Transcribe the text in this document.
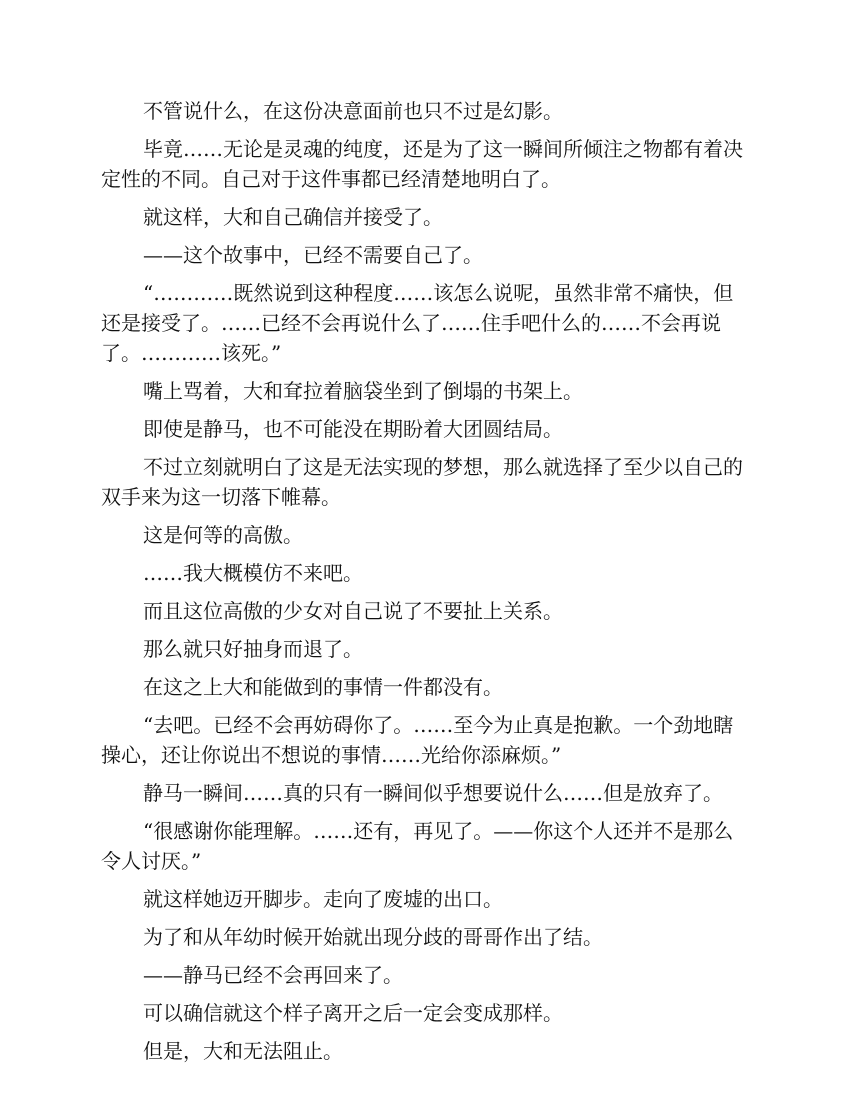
不管说什么，在这份决意面前也只不过是幻影。

毕竟……无论是灵魂的纯度，还是为了这一瞬间所倾注之物都有着决定性的不同。自己对于这件事都已经清楚地明白了。

就这样，大和自己确信并接受了。

——这个故事中，已经不需要自己了。

“…………既然说到这种程度……该怎么说呢，虽然非常不痛快，但还是接受了。……已经不会再说什么了……住手吧什么的……不会再说了。…………该死。”

嘴上骂着，大和耷拉着脑袋坐到了倒塌的书架上。

即使是静马，也不可能没在期盼着大团圆结局。

不过立刻就明白了这是无法实现的梦想，那么就选择了至少以自己的双手来为这一切落下帷幕。

这是何等的高傲。

……我大概模仿不来吧。

而且这位高傲的少女对自己说了不要扯上关系。

那么就只好抽身而退了。

在这之上大和能做到的事情一件都没有。

“去吧。已经不会再妨碍你了。……至今为止真是抱歉。一个劲地瞎操心，还让你说出不想说的事情……光给你添麻烦。”

静马一瞬间……真的只有一瞬间似乎想要说什么……但是放弃了。

“很感谢你能理解。……还有，再见了。——你这个人还并不是那么令人讨厌。”

就这样她迈开脚步。走向了废墟的出口。

为了和从年幼时候开始就出现分歧的哥哥作出了结。

——静马已经不会再回来了。

可以确信就这个样子离开之后一定会变成那样。

但是，大和无法阻止。
